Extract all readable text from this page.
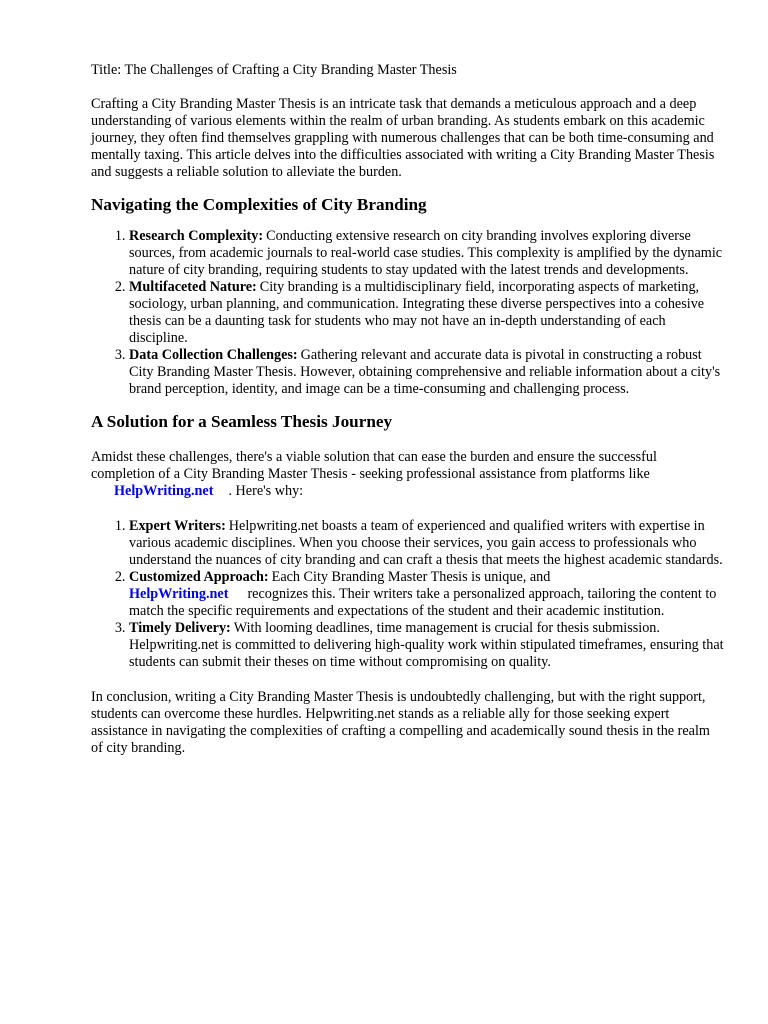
Title: The Challenges of Crafting a City Branding Master Thesis

Crafting a City Branding Master Thesis is an intricate task that demands a meticulous approach and a deep understanding of various elements within the realm of urban branding. As students embark on this academic journey, they often find themselves grappling with numerous challenges that can be both time-consuming and mentally taxing. This article delves into the difficulties associated with writing a City Branding Master Thesis and suggests a reliable solution to alleviate the burden.

Navigating the Complexities of City Branding
1. Research Complexity: Conducting extensive research on city branding involves exploring diverse sources, from academic journals to real-world case studies. This complexity is amplified by the dynamic nature of city branding, requiring students to stay updated with the latest trends and developments.
2. Multifaceted Nature: City branding is a multidisciplinary field, incorporating aspects of marketing, sociology, urban planning, and communication. Integrating these diverse perspectives into a cohesive thesis can be a daunting task for students who may not have an in-depth understanding of each discipline.
3. Data Collection Challenges: Gathering relevant and accurate data is pivotal in constructing a robust City Branding Master Thesis. However, obtaining comprehensive and reliable information about a city's brand perception, identity, and image can be a time-consuming and challenging process.
A Solution for a Seamless Thesis Journey

Amidst these challenges, there's a viable solution that can ease the burden and ensure the successful completion of a City Branding Master Thesis - seeking professional assistance from platforms like
HelpWriting.net . Here's why:

1. Expert Writers: Helpwriting.net boasts a team of experienced and qualified writers with expertise in various academic disciplines. When you choose their services, you gain access to professionals who understand the nuances of city branding and can craft a thesis that meets the highest academic standards.
2. Customized Approach: Each City Branding Master Thesis is unique, and
HelpWriting.net recognizes this. Their writers take a personalized approach, tailoring the content to match the specific requirements and expectations of the student and their academic institution.
3. Timely Delivery: With looming deadlines, time management is crucial for thesis submission. Helpwriting.net is committed to delivering high-quality work within stipulated timeframes, ensuring that students can submit their theses on time without compromising on quality.

In conclusion, writing a City Branding Master Thesis is undoubtedly challenging, but with the right support, students can overcome these hurdles. Helpwriting.net stands as a reliable ally for those seeking expert assistance in navigating the complexities of crafting a compelling and academically sound thesis in the realm of city branding.
